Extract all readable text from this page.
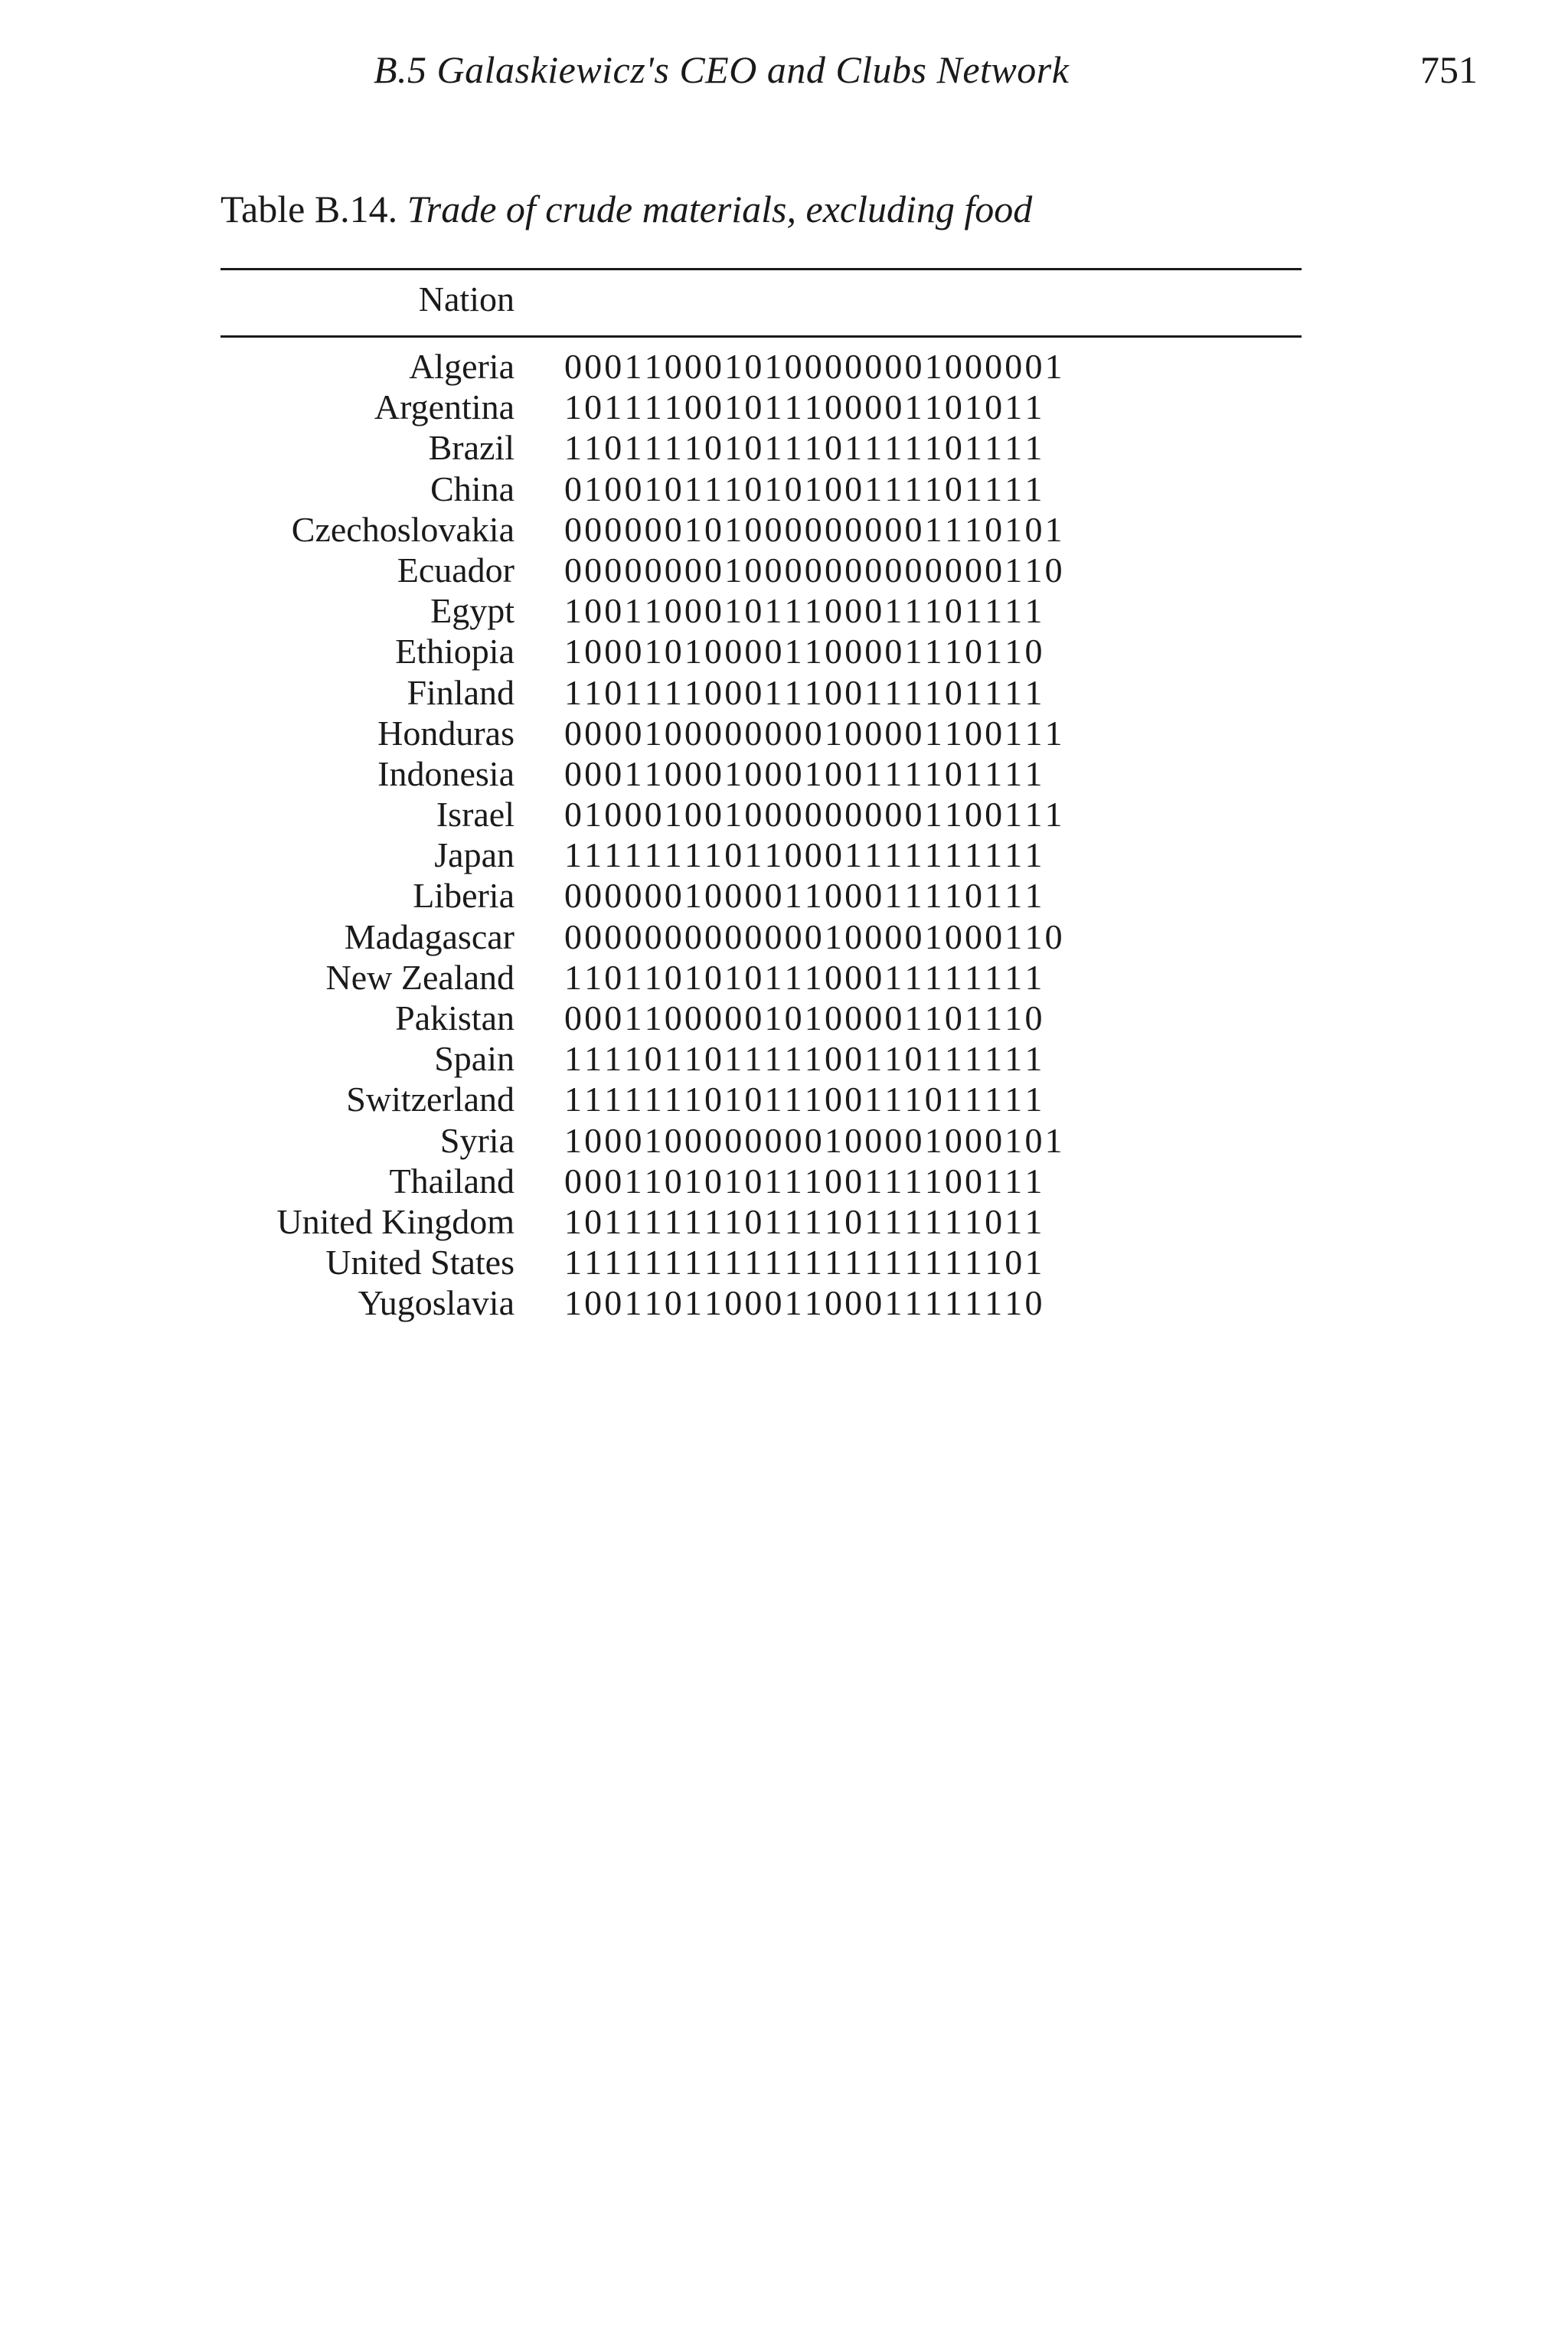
B.5 Galaskiewicz's CEO and Clubs Network	751
Table B.14. Trade of crude materials, excluding food
Nation
Algeria 0 0 0 1 1 0 0 0 1 0 1 0 0 0 0 0 0 0 1 0 0 0 0 0 1
Argentina 1 0 1 1 1 1 0 0 1 0 1 1 1 0 0 0 0 1 1 0 1 0 1 1
Brazil 1 1 0 1 1 1 1 0 1 0 1 1 1 0 1 1 1 1 1 0 1 1 1 1
China 0 1 0 0 1 0 1 1 1 0 1 0 1 0 0 1 1 1 1 0 1 1 1 1
Czechoslovakia 0 0 0 0 0 0 1 0 1 0 0 0 0 0 0 0 0 0 1 1 1 0 1 0 1
Ecuador 0 0 0 0 0 0 0 0 1 0 0 0 0 0 0 0 0 0 0 0 0 0 1 1 0
Egypt 1 0 0 1 1 0 0 0 1 0 1 1 1 0 0 0 1 1 1 0 1 1 1 1
Ethiopia 1 0 0 0 1 0 1 0 0 0 0 1 1 0 0 0 0 1 1 1 0 1 1 0
Finland 1 1 0 1 1 1 1 0 0 0 1 1 1 0 0 1 1 1 1 0 1 1 1 1
Honduras 0 0 0 0 1 0 0 0 0 0 0 0 0 1 0 0 0 0 1 1 0 0 1 1 1
Indonesia 0 0 0 1 1 0 0 0 1 0 0 0 1 0 0 1 1 1 1 0 1 1 1 1
Israel 0 1 0 0 0 1 0 0 1 0 0 0 0 0 0 0 0 0 1 1 0 0 1 1 1
Japan 1 1 1 1 1 1 1 1 0 1 1 0 0 0 1 1 1 1 1 1 1 1 1 1
Liberia 0 0 0 0 0 0 1 0 0 0 0 1 1 0 0 0 1 1 1 1 0 1 1 1
Madagascar 0 0 0 0 0 0 0 0 0 0 0 0 0 1 0 0 0 0 1 0 0 0 1 1 0
New Zealand 1 1 0 1 1 0 1 0 1 0 1 1 1 0 0 0 1 1 1 1 1 1 1 1
Pakistan 0 0 0 1 1 0 0 0 0 0 1 0 1 0 0 0 0 1 1 0 1 1 1 0
Spain 1 1 1 1 0 1 1 0 1 1 1 1 1 0 0 1 1 0 1 1 1 1 1 1
Switzerland 1 1 1 1 1 1 1 0 1 0 1 1 1 0 0 1 1 1 0 1 1 1 1 1
Syria 1 0 0 0 1 0 0 0 0 0 0 0 0 1 0 0 0 0 1 0 0 0 1 0 1
Thailand 0 0 0 1 1 0 1 0 1 0 1 1 1 0 0 1 1 1 1 0 0 1 1 1
United Kingdom 1 0 1 1 1 1 1 1 1 0 1 1 1 1 0 1 1 1 1 1 1 0 1 1
United States 1 1 1 1 1 1 1 1 1 1 1 1 1 1 1 1 1 1 1 1 1 1 0 1
Yugoslavia 1 0 0 1 1 0 1 1 0 0 0 1 1 0 0 0 1 1 1 1 1 1 1 0
